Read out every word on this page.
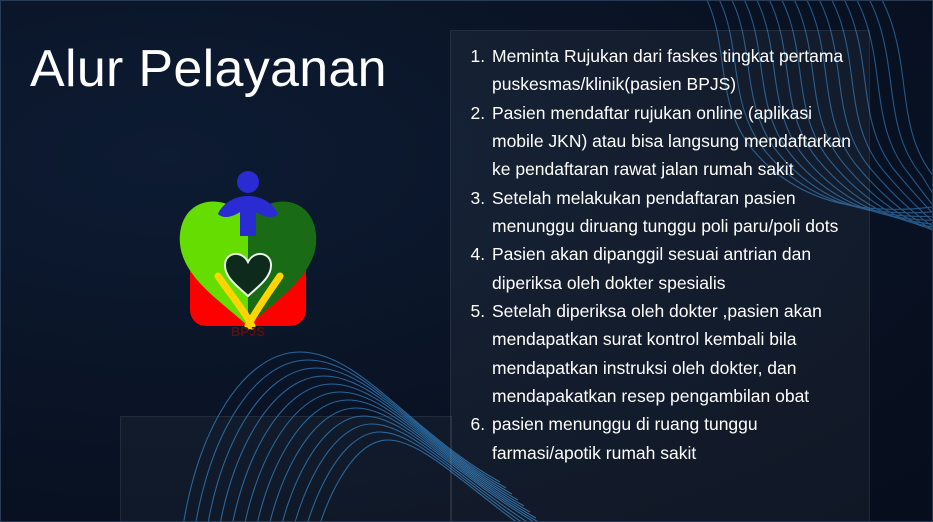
Alur Pelayanan
BPJS
1. Meminta Rujukan dari faskes tingkat pertama puskesmas/klinik(pasien BPJS)
2. Pasien mendaftar rujukan online (aplikasi mobile JKN) atau bisa langsung mendaftarkan ke pendaftaran rawat jalan rumah sakit
3. Setelah melakukan pendaftaran pasien menunggu diruang tunggu poli paru/poli dots
4. Pasien akan dipanggil sesuai antrian dan diperiksa oleh dokter spesialis
5. Setelah diperiksa oleh dokter ,pasien akan mendapatkan surat kontrol kembali bila mendapatkan instruksi oleh dokter, dan mendapakatkan resep pengambilan obat
6. pasien menunggu di ruang tunggu farmasi/apotik rumah sakit
